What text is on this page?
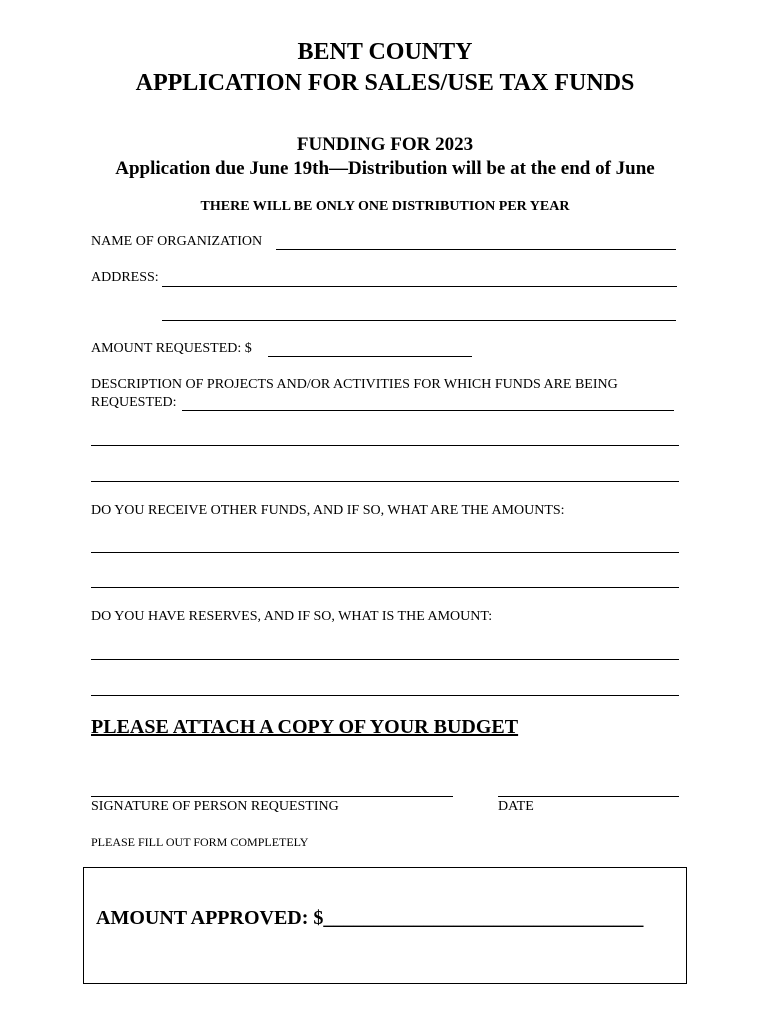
BENT COUNTY
APPLICATION FOR SALES/USE TAX FUNDS
FUNDING FOR 2023
Application due June 19th—Distribution will be at the end of June
THERE WILL BE ONLY ONE DISTRIBUTION PER YEAR
NAME OF ORGANIZATION
ADDRESS:
AMOUNT REQUESTED: $
DESCRIPTION OF PROJECTS AND/OR ACTIVITIES FOR WHICH FUNDS ARE BEING
REQUESTED:
DO YOU RECEIVE OTHER FUNDS, AND IF SO, WHAT ARE THE AMOUNTS:
DO YOU HAVE RESERVES, AND IF SO, WHAT IS THE AMOUNT:
PLEASE ATTACH A COPY OF YOUR BUDGET
SIGNATURE OF PERSON REQUESTING	DATE
PLEASE FILL OUT FORM COMPLETELY
AMOUNT APPROVED: $________________________________
